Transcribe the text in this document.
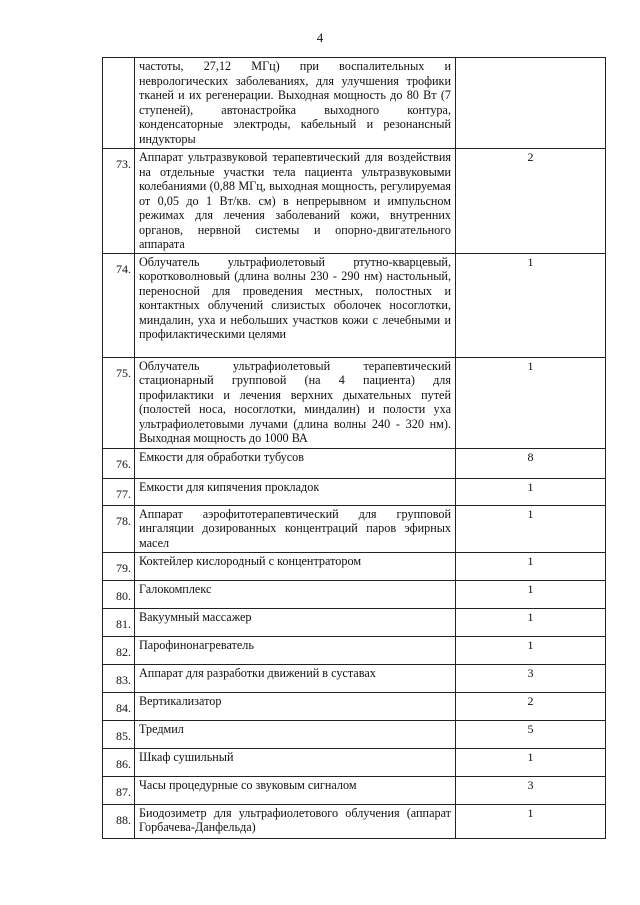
4
	частоты, 27,12 МГц) при воспалительных и неврологических заболеваниях, для улучшения трофики тканей и их регенерации. Выходная мощность до 80 Вт (7 ступеней), автонастройка выходного контура, конденсаторные электроды, кабельный и резонансный индукторы	
73.	Аппарат ультразвуковой терапевтический для воздействия на отдельные участки тела пациента ультразвуковыми колебаниями (0,88 МГц, выходная мощность, регулируемая от 0,05 до 1 Вт/кв. см) в непрерывном и импульсном режимах для лечения заболеваний кожи, внутренних органов, нервной системы и опорно-двигательного аппарата	2
74.	Облучатель ультрафиолетовый ртутно-кварцевый, коротковолновый (длина волны 230 - 290 нм) настольный, переносной для проведения местных, полостных и контактных облучений слизистых оболочек носоглотки, миндалин, уха и небольших участков кожи с лечебными и профилактическими целями	1
75.	Облучатель ультрафиолетовый терапевтический стационарный групповой (на 4 пациента) для профилактики и лечения верхних дыхательных путей (полостей носа, носоглотки, миндалин) и полости уха ультрафиолетовыми лучами (длина волны 240 - 320 нм). Выходная мощность до 1000 ВА	1
76.	Емкости для обработки тубусов	8
77.	Емкости для кипячения прокладок	1
78.	Аппарат аэрофитотерапевтический для групповой ингаляции дозированных концентраций паров эфирных масел	1
79.	Коктейлер кислородный с концентратором	1
80.	Галокомплекс	1
81.	Вакуумный массажер	1
82.	Парофинонагреватель	1
83.	Аппарат для разработки движений в суставах	3
84.	Вертикализатор	2
85.	Тредмил	5
86.	Шкаф сушильный	1
87.	Часы процедурные со звуковым сигналом	3
88.	Биодозиметр для ультрафиолетового облучения (аппарат Горбачева-Данфельда)	1
